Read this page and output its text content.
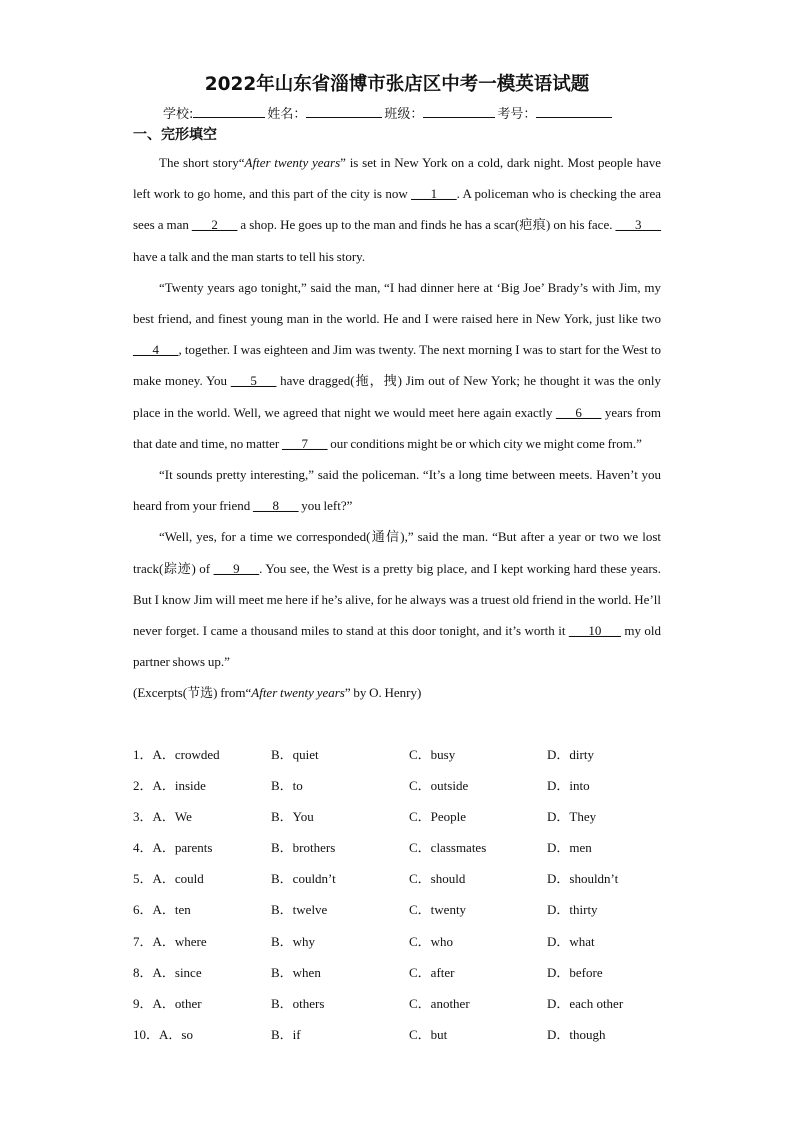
2022年山东省淄博市张店区中考一模英语试题
学校:	姓名：	班级：	考号：
一、完形填空

The short story“After twenty years” is set in New York on a cold, dark night. Most people have left work to go home, and this part of the city is now ___1___. A policeman who is checking the area sees a man ___2___ a shop. He goes up to the man and finds he has a scar(疤痕) on his face. ___3___ have a talk and the man starts to tell his story.

“Twenty years ago tonight,” said the man, “I had dinner here at ‘Big Joe’ Brady’s with Jim, my best friend, and finest young man in the world. He and I were raised here in New York, just like two ___4___, together. I was eighteen and Jim was twenty. The next morning I was to start for the West to make money. You ___5___ have dragged(拖，拽) Jim out of New York; he thought it was the only place in the world. Well, we agreed that night we would meet here again exactly ___6___ years from that date and time, no matter ___7___ our conditions might be or which city we might come from.”

“It sounds pretty interesting,” said the policeman. “It’s a long time between meets. Haven’t you heard from your friend ___8___ you left?”

“Well, yes, for a time we corresponded(通信),” said the man. “But after a year or two we lost track(踪迹) of ___9___. You see, the West is a pretty big place, and I kept working hard these years. But I know Jim will meet me here if he’s alive, for he always was a truest old friend in the world. He’ll never forget. I came a thousand miles to stand at this door tonight, and it’s worth it ___10___ my old partner shows up.”

(Excerpts(节选) from“After twenty years” by O. Henry)

1．A．crowded	B．quiet	C．busy	D．dirty
2．A．inside	B．to	C．outside	D．into
3．A．We	B．You	C．People	D．They
4．A．parents	B．brothers	C．classmates	D．men
5．A．could	B．couldn’t	C．should	D．shouldn’t
6．A．ten	B．twelve	C．twenty	D．thirty
7．A．where	B．why	C．who	D．what
8．A．since	B．when	C．after	D．before
9．A．other	B．others	C．another	D．each other
10．A．so	B．if	C．but	D．though
